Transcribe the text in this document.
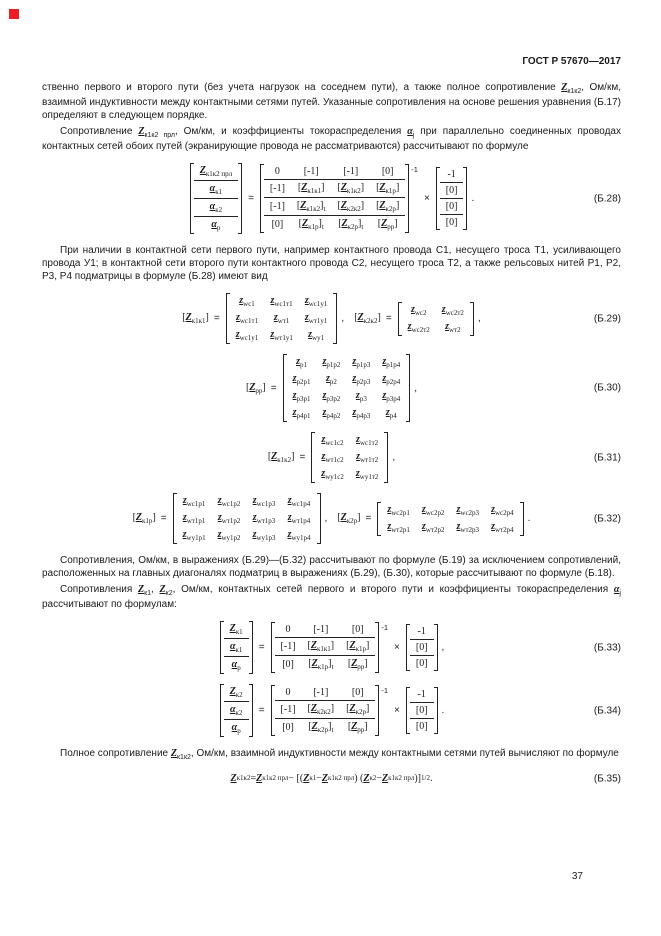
ГОСТ Р 57670—2017

ственно первого и второго пути (без учета нагрузок на соседнем пути), а также полное сопротивление $Z_{к1к2}$, Ом/км, взаимной индуктивности между контактными сетями путей. Указанные сопротивления на основе решения уравнения (Б.17) определяют в следующем порядке.

Сопротивление $Z_{к1к2 прл}$, Ом/км, и коэффициенты токораспределения $\alpha_j$ при параллельно соединенных проводах контактных сетей обоих путей (экранирующие провода не рассматриваются) рассчитывают по формуле

$Z_{к1к2 прл}$
$\alpha_{к1}$
$\alpha_{к2}$
$\alpha_р$
=
0	[-1]	[-1]	[0]
[-1]	$[Z_{к1к1}]$	$[Z_{к1к2}]$	$[Z_{к1р}]$
[-1]	$[Z_{к1к2}]_t$	$[Z_{к2к2}]$	$[Z_{к2р}]$
[0]	$[Z_{к1р}]_t$	$[Z_{к2р}]_t$	$[Z_{рр}]$
$^{-1}$
×
-1
[0]
[0]
[0]
.	(Б.28)

При наличии в контактной сети первого пути, например контактного провода С1, несущего троса Т1, усиливающего провода У1; в контактной сети второго пути контактного провода С2, несущего троса Т2, а также рельсовых нитей Р1, Р2, Р3, Р4 подматрицы в формуле (Б.28) имеют вид

$[Z_{к1к1}]$ =
$z_{wс1}$	$z_{wс1т1}$	$z_{wс1у1}$
$z_{wс1т1}$	$z_{wт1}$	$z_{wт1у1}$
$z_{wс1у1}$	$z_{wт1у1}$	$z_{wу1}$
, $[Z_{к2к2}]$ =
$z_{wс2}$	$z_{wс2т2}$
$z_{wс2т2}$	$z_{wт2}$
,	(Б.29)
$[Z_{рр}]$ =
$z_{р1}$	$z_{р1р2}$	$z_{р1р3}$	$z_{р1р4}$
$z_{р2р1}$	$z_{р2}$	$z_{р2р3}$	$z_{р2р4}$
$z_{р3р1}$	$z_{р3р2}$	$z_{р3}$	$z_{р3р4}$
$z_{р4р1}$	$z_{р4р2}$	$z_{р4р3}$	$z_{р4}$
,	(Б.30)
$[Z_{к1к2}]$ =
$z_{wс1с2}$	$z_{wс1т2}$
$z_{wт1с2}$	$z_{wт1т2}$
$z_{wу1с2}$	$z_{wу1т2}$
,	(Б.31)
$[Z_{к1р}]$ =
$z_{wс1р1}$	$z_{wс1р2}$	$z_{wс1р3}$	$z_{wс1р4}$
$z_{wт1р1}$	$z_{wт1р2}$	$z_{wт1р3}$	$z_{wт1р4}$
$z_{wу1р1}$	$z_{wу1р2}$	$z_{wу1р3}$	$z_{wу1р4}$
, $[Z_{к2р}]$ =
$z_{wс2р1}$	$z_{wс2р2}$	$z_{wс2р3}$	$z_{wс2р4}$
$z_{wт2р1}$	$z_{wт2р2}$	$z_{wт2р3}$	$z_{wт2р4}$
.	(Б.32)

Сопротивления, Ом/км, в выражениях (Б.29)—(Б.32) рассчитывают по формуле (Б.19) за исключением сопротивлений, расположенных на главных диагоналях подматриц в выражениях (Б.29), (Б.30), которые рассчитывают по формуле (Б.18).

Сопротивления $Z_{к1}$, $Z_{к2}$, Ом/км, контактных сетей первого и второго пути и коэффициенты токораспределения $\alpha_j$ рассчитывают по формулам:

$Z_{к1}$
$\alpha_{к1}$
$\alpha_р$
=
0	[-1]	[0]
[-1]	$[Z_{к1к1}]$	$[Z_{к1р}]$
[0]	$[Z_{к1р}]_t$	$[Z_{рр}]$
$^{-1}$
×
-1
[0]
[0]
,	(Б.33)
$Z_{к2}$
$\alpha_{к2}$
$\alpha_р$
=
0	[-1]	[0]
[-1]	$[Z_{к2к2}]$	$[Z_{к2р}]$
[0]	$[Z_{к2р}]_t$	$[Z_{рр}]$
$^{-1}$
×
-1
[0]
[0]
.	(Б.34)

Полное сопротивление $Z_{к1к2}$, Ом/км, взаимной индуктивности между контактными сетями путей вычисляют по формуле

Z к1к2 = Z к1к2 прл − [( Z к1 − Z к1к2 прл ) ( Z к2 − Z к1к2 прл )] 1/2 .	(Б.35)
37
